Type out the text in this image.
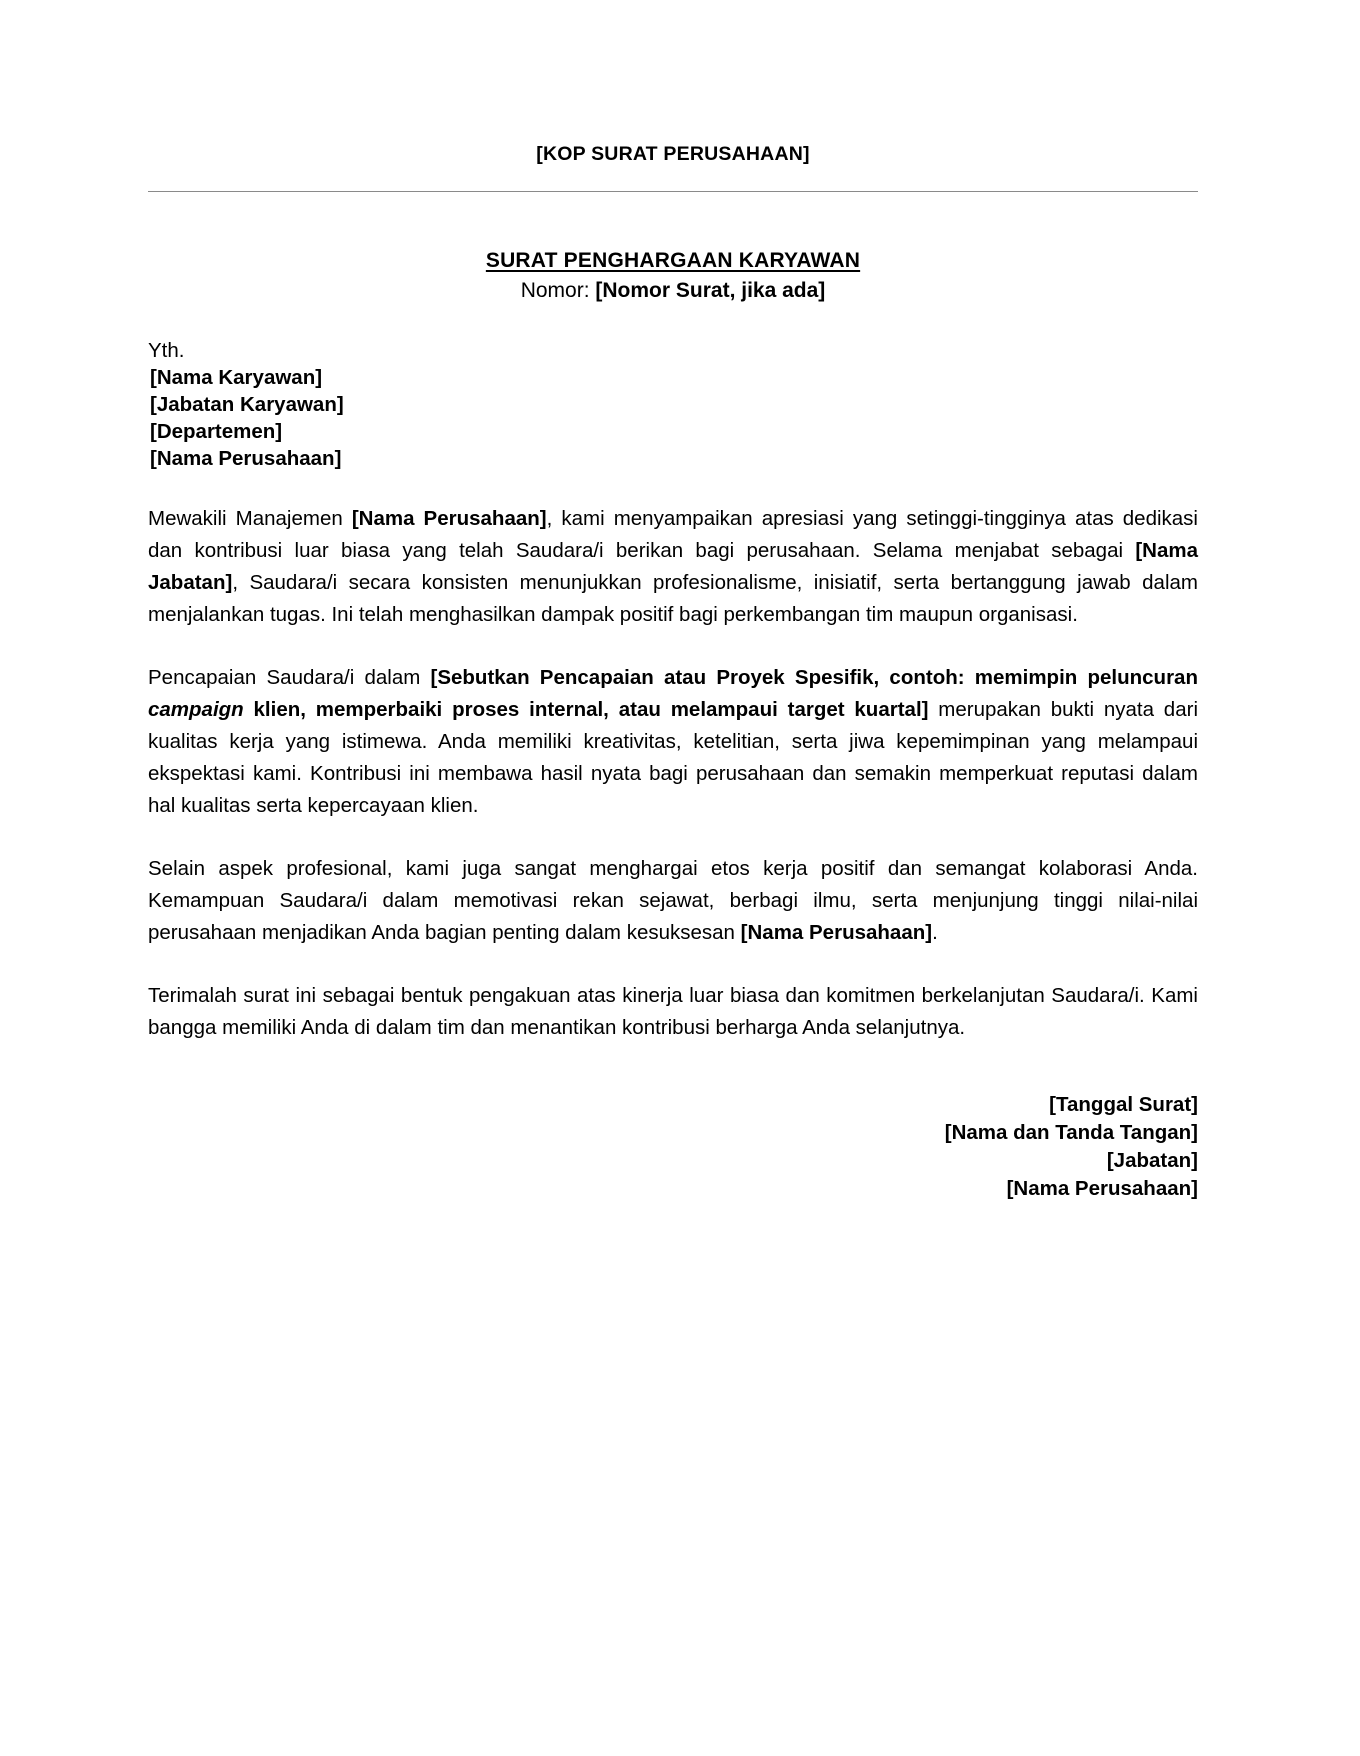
[KOP SURAT PERUSAHAAN]
SURAT PENGHARGAAN KARYAWAN
Nomor: [Nomor Surat, jika ada]
Yth.
[Nama Karyawan]
[Jabatan Karyawan]
[Departemen]
[Nama Perusahaan]
Mewakili Manajemen [Nama Perusahaan], kami menyampaikan apresiasi yang setinggi-tingginya atas dedikasi dan kontribusi luar biasa yang telah Saudara/i berikan bagi perusahaan. Selama menjabat sebagai [Nama Jabatan], Saudara/i secara konsisten menunjukkan profesionalisme, inisiatif, serta bertanggung jawab dalam menjalankan tugas. Ini telah menghasilkan dampak positif bagi perkembangan tim maupun organisasi.
Pencapaian Saudara/i dalam [Sebutkan Pencapaian atau Proyek Spesifik, contoh: memimpin peluncuran campaign klien, memperbaiki proses internal, atau melampaui target kuartal] merupakan bukti nyata dari kualitas kerja yang istimewa. Anda memiliki kreativitas, ketelitian, serta jiwa kepemimpinan yang melampaui ekspektasi kami. Kontribusi ini membawa hasil nyata bagi perusahaan dan semakin memperkuat reputasi dalam hal kualitas serta kepercayaan klien.
Selain aspek profesional, kami juga sangat menghargai etos kerja positif dan semangat kolaborasi Anda. Kemampuan Saudara/i dalam memotivasi rekan sejawat, berbagi ilmu, serta menjunjung tinggi nilai-nilai perusahaan menjadikan Anda bagian penting dalam kesuksesan [Nama Perusahaan].
Terimalah surat ini sebagai bentuk pengakuan atas kinerja luar biasa dan komitmen berkelanjutan Saudara/i. Kami bangga memiliki Anda di dalam tim dan menantikan kontribusi berharga Anda selanjutnya.
[Tanggal Surat]
[Nama dan Tanda Tangan]
[Jabatan]
[Nama Perusahaan]
